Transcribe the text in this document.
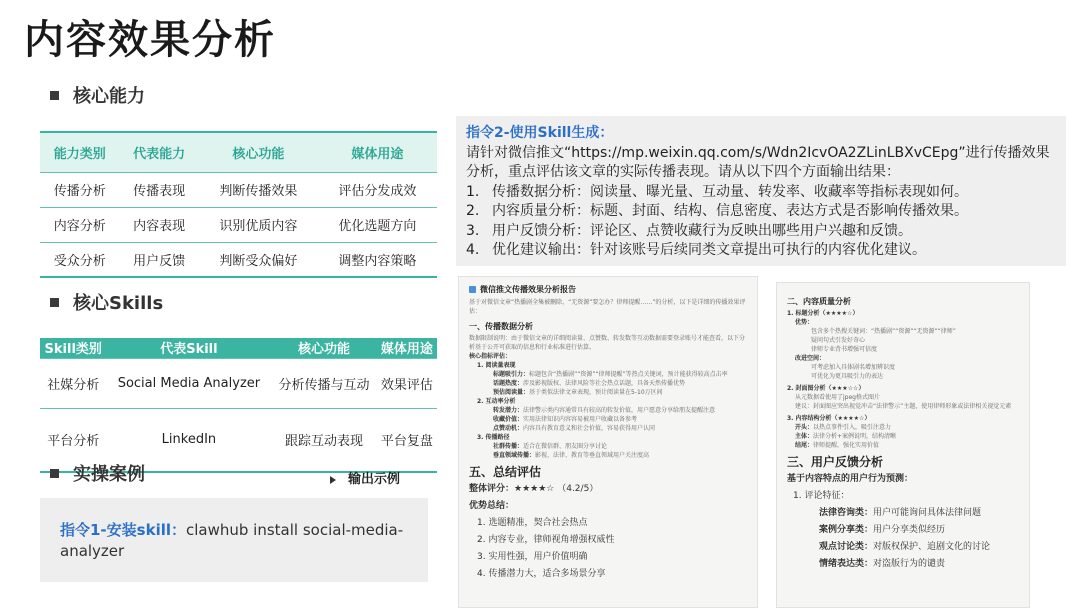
内容效果分析
核心能力
能力类别	代表能力	核心功能	媒体用途
传播分析	传播表现	判断传播效果	评估分发成效
内容分析	内容表现	识别优质内容	优化选题方向
受众分析	用户反馈	判断受众偏好	调整内容策略
核心Skills
Skill类别	代表Skill	核心功能	媒体用途
社媒分析	Social Media Analyzer	分析传播与互动	效果评估
平台分析	LinkedIn	跟踪互动表现	平台复盘
实操案例	输出示例
指令1-安装skill：clawhub install social-media-analyzer
指令2-使用Skill生成：
请针对微信推文“https://mp.weixin.qq.com/s/Wdn2IcvOA2ZLinLBXvCEpg”进行传播效果分析，重点评估该文章的实际传播表现。请从以下四个方面输出结果：
1. 传播数据分析：阅读量、曝光量、互动量、转发率、收藏率等指标表现如何。
2. 内容质量分析：标题、封面、结构、信息密度、表达方式是否影响传播效果。
3. 用户反馈分析：评论区、点赞收藏行为反映出哪些用户兴趣和反馈。
4. 优化建议输出：针对该账号后续同类文章提出可执行的内容优化建议。
微信推文传播效果分析报告
基于对微信文章“热播剧全集被删除，“无资源”要怎办？律师提醒……”的分析，以下是详细的传播效果评估：
一、传播数据分析
数据限制说明：由于微信文章的详细阅读量、点赞数、转发数等互动数据需要登录账号才能查看，以下分析基于公开可获取的信息和行业标准进行估算。
核心指标评估：
1. 阅读量表现
标题吸引力：标题包含“热播剧”“资源”“律师提醒”等热点关键词，预计能获得较高点击率
话题热度：涉及影视版权、法律风险等社会热点话题，具备天然传播优势
预估阅读量：基于类似法律文章表现，预计阅读量在5-10万区间
2. 互动率分析
转发潜力：法律警示类内容通常具有较高的转发价值，用户愿意分享给朋友提醒注意
收藏价值：实用法律知识内容容易被用户收藏以备参考
点赞动机：内容具有教育意义和社会价值，容易获得用户认同
3. 传播路径
社群传播：适合在微信群、朋友圈分享讨论
垂直领域传播：影视、法律、教育等垂直领域用户关注度高
五、总结评估
整体评分：★★★★☆ （4.2/5）
优势总结：
1. 选题精准，契合社会热点
2. 内容专业，律师视角增强权威性
3. 实用性强，用户价值明确
4. 传播潜力大，适合多场景分享
二、内容质量分析
1. 标题分析（★★★★☆）
优势：
包含多个热搜关键词：“热播剧”“资源”“无资源”“律师”
疑问句式引发好奇心
律师专业背书增强可信度
改进空间：
可考虑加入具体剧名增加辨识度
可优化为更具吸引力的表达
2. 封面图分析（★★★☆☆）
从元数据看使用了jpeg格式图片
建议：封面图应突出视觉冲击“法律警示”主题，使用律师形象或法律相关视觉元素
3. 内容结构分析（★★★★☆）
开头：以热点事件引入，吸引注意力
主体：法律分析+案例说明，结构清晰
结尾：律师提醒，强化实用价值
三、用户反馈分析
基于内容特点的用户行为预测：
1. 评论特征：
法律咨询类：用户可能询问具体法律问题
案例分享类：用户分享类似经历
观点讨论类：对版权保护、追剧文化的讨论
情绪表达类：对盗版行为的谴责
